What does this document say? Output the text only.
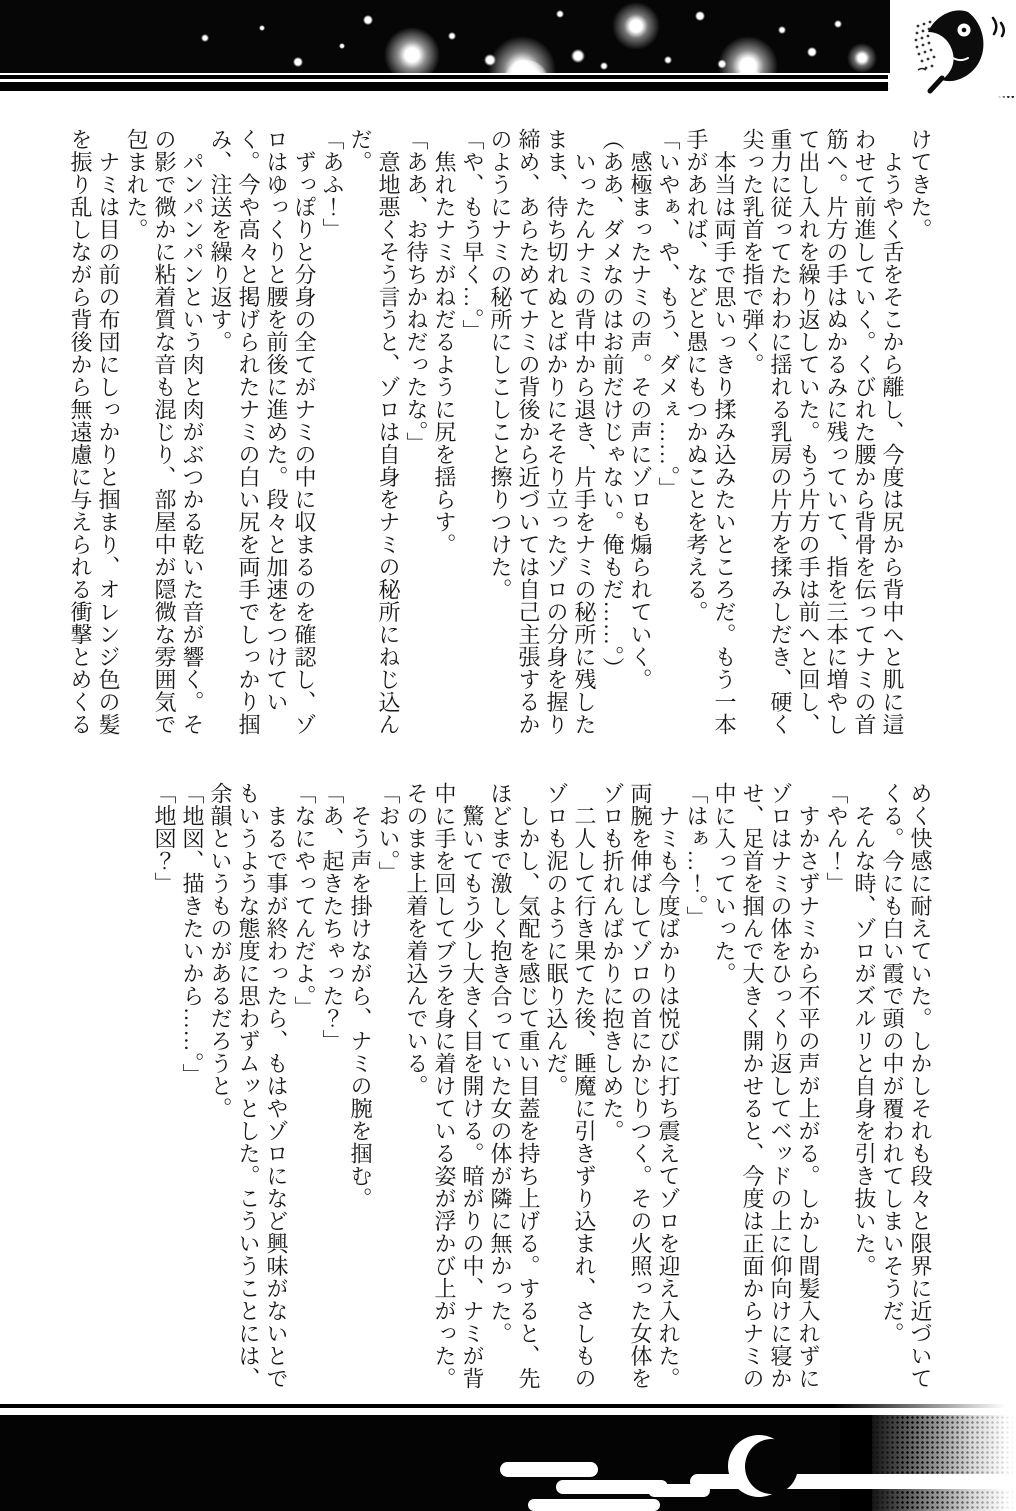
けてきた。

　ようやく舌をそこから離し、今度は尻から背中へと肌に這わせて前進していく。くびれた腰から背骨を伝ってナミの首筋へ。片方の手はぬかるみに残っていて、指を三本に増やして出し入れを繰り返していた。もう片方の手は前へと回し、重力に従ってたわわに揺れる乳房の片方を揉みしだき、硬く尖った乳首を指で弾く。

　本当は両手で思いっきり揉み込みたいところだ。もう一本手があれば、などと愚にもつかぬことを考える。

「いやぁ、や、もう、ダメぇ……。」

　感極まったナミの声。その声にゾロも煽られていく。

（ああ、ダメなのはお前だけじゃない。俺もだ……。）

　いったんナミの背中から退き、片手をナミの秘所に残したまま、待ち切れぬとばかりにそそり立ったゾロの分身を握り締め、あらためてナミの背後から近づいては自己主張するかのようにナミの秘所にしこしこと擦りつけた。

「や、もう早く…。」

　焦れたナミがねだるように尻を揺らす。

「ああ、お待ちかねだったな。」

　意地悪くそう言うと、ゾロは自身をナミの秘所にねじ込んだ。

「あふ！」

　ずっぽりと分身の全てがナミの中に収まるのを確認し、ゾロはゆっくりと腰を前後に進めた。段々と加速をつけていく。今や高々と掲げられたナミの白い尻を両手でしっかり掴み、注送を繰り返す。

　パンパンパンという肉と肉がぶつかる乾いた音が響く。その影で微かに粘着質な音も混じり、部屋中が隠微な雰囲気で包まれた。

　ナミは目の前の布団にしっかりと掴まり、オレンジ色の髪を振り乱しながら背後から無遠慮に与えられる衝撃とめくる

めく快感に耐えていた。しかしそれも段々と限界に近づいてくる。今にも白い霞で頭の中が覆われてしまいそうだ。

　そんな時、ゾロがズルリと自身を引き抜いた。

「やん！」

　すかさずナミから不平の声が上がる。しかし間髪入れずにゾロはナミの体をひっくり返してベッドの上に仰向けに寝かせ、足首を掴んで大きく開かせると、今度は正面からナミの中に入っていった。

「はぁ…！。」

　ナミも今度ばかりは悦びに打ち震えてゾロを迎え入れた。両腕を伸ばしてゾロの首にかじりつく。その火照った女体をゾロも折れんばかりに抱きしめた。

　二人して行き果てた後、睡魔に引きずり込まれ、さしものゾロも泥のように眠り込んだ。

　しかし、気配を感じて重い目蓋を持ち上げる。すると、先ほどまで激しく抱き合っていた女の体が隣に無かった。

　驚いてもう少し大きく目を開ける。暗がりの中、ナミが背中に手を回してブラを身に着けている姿が浮かび上がった。そのまま上着を着込んでいる。

「おい。」

　そう声を掛けながら、ナミの腕を掴む。

「あ、起きたちゃった？」

「なにやってんだよ。」

　まるで事が終わったら、もはやゾロになど興味がないとでもいうような態度に思わずムッとした。こういうことには、余韻というものがあるだろうと。

「地図、描きたいから……。」

「地図？」
